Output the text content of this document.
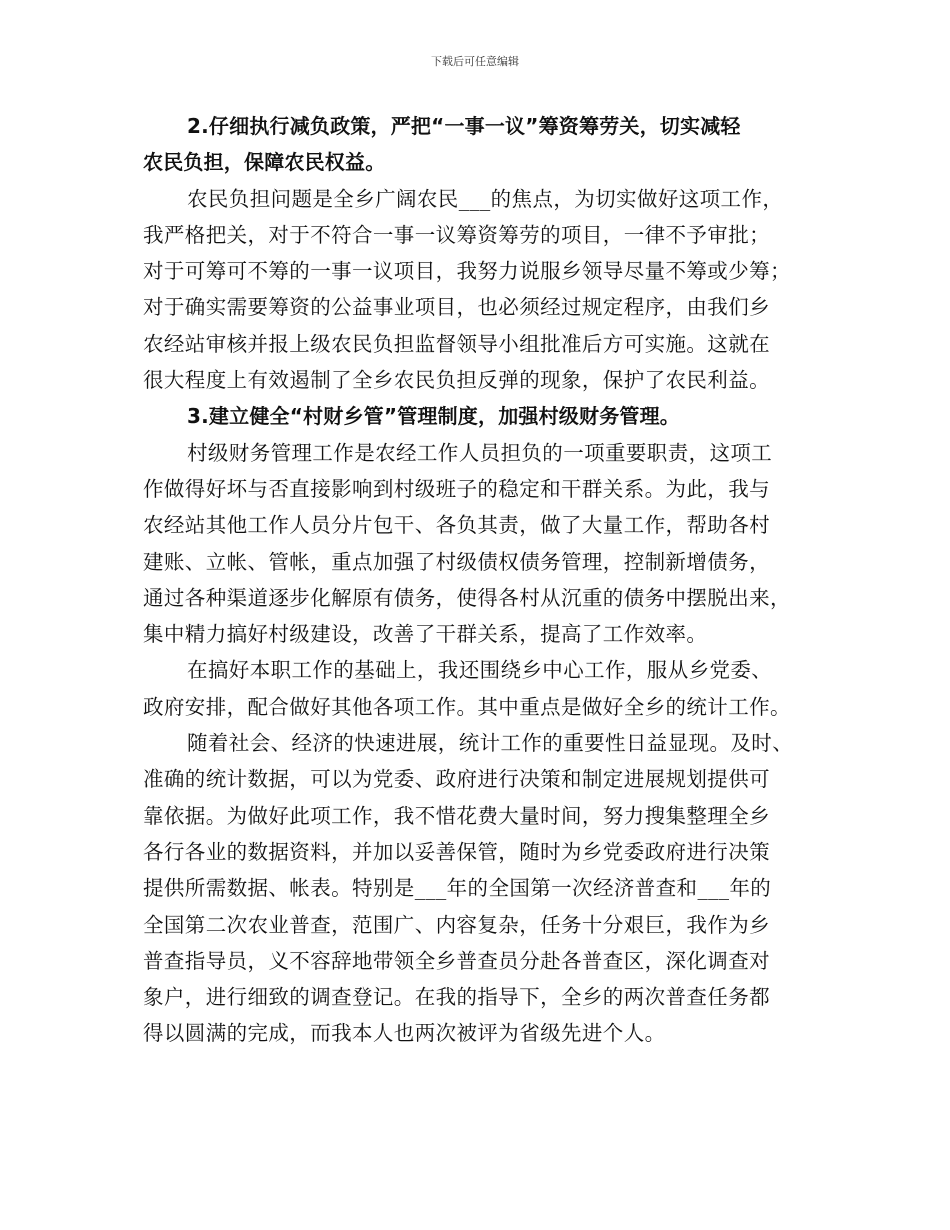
下载后可任意编辑
2.仔细执行减负政策，严把“一事一议”筹资筹劳关，切实减轻
农民负担，保障农民权益。
农民负担问题是全乡广阔农民___的焦点，为切实做好这项工作，
我严格把关，对于不符合一事一议筹资筹劳的项目，一律不予审批；
对于可筹可不筹的一事一议项目，我努力说服乡领导尽量不筹或少筹；
对于确实需要筹资的公益事业项目，也必须经过规定程序，由我们乡
农经站审核并报上级农民负担监督领导小组批准后方可实施。这就在
很大程度上有效遏制了全乡农民负担反弹的现象，保护了农民利益。
3.建立健全“村财乡管”管理制度，加强村级财务管理。
村级财务管理工作是农经工作人员担负的一项重要职责，这项工
作做得好坏与否直接影响到村级班子的稳定和干群关系。为此，我与
农经站其他工作人员分片包干、各负其责，做了大量工作，帮助各村
建账、立帐、管帐，重点加强了村级债权债务管理，控制新增债务，
通过各种渠道逐步化解原有债务，使得各村从沉重的债务中摆脱出来，
集中精力搞好村级建设，改善了干群关系，提高了工作效率。
在搞好本职工作的基础上，我还围绕乡中心工作，服从乡党委、
政府安排，配合做好其他各项工作。其中重点是做好全乡的统计工作。
随着社会、经济的快速进展，统计工作的重要性日益显现。及时、
准确的统计数据，可以为党委、政府进行决策和制定进展规划提供可
靠依据。为做好此项工作，我不惜花费大量时间，努力搜集整理全乡
各行各业的数据资料，并加以妥善保管，随时为乡党委政府进行决策
提供所需数据、帐表。特别是___年的全国第一次经济普查和___年的
全国第二次农业普查，范围广、内容复杂，任务十分艰巨，我作为乡
普查指导员，义不容辞地带领全乡普查员分赴各普查区，深化调查对
象户，进行细致的调查登记。在我的指导下，全乡的两次普查任务都
得以圆满的完成，而我本人也两次被评为省级先进个人。
